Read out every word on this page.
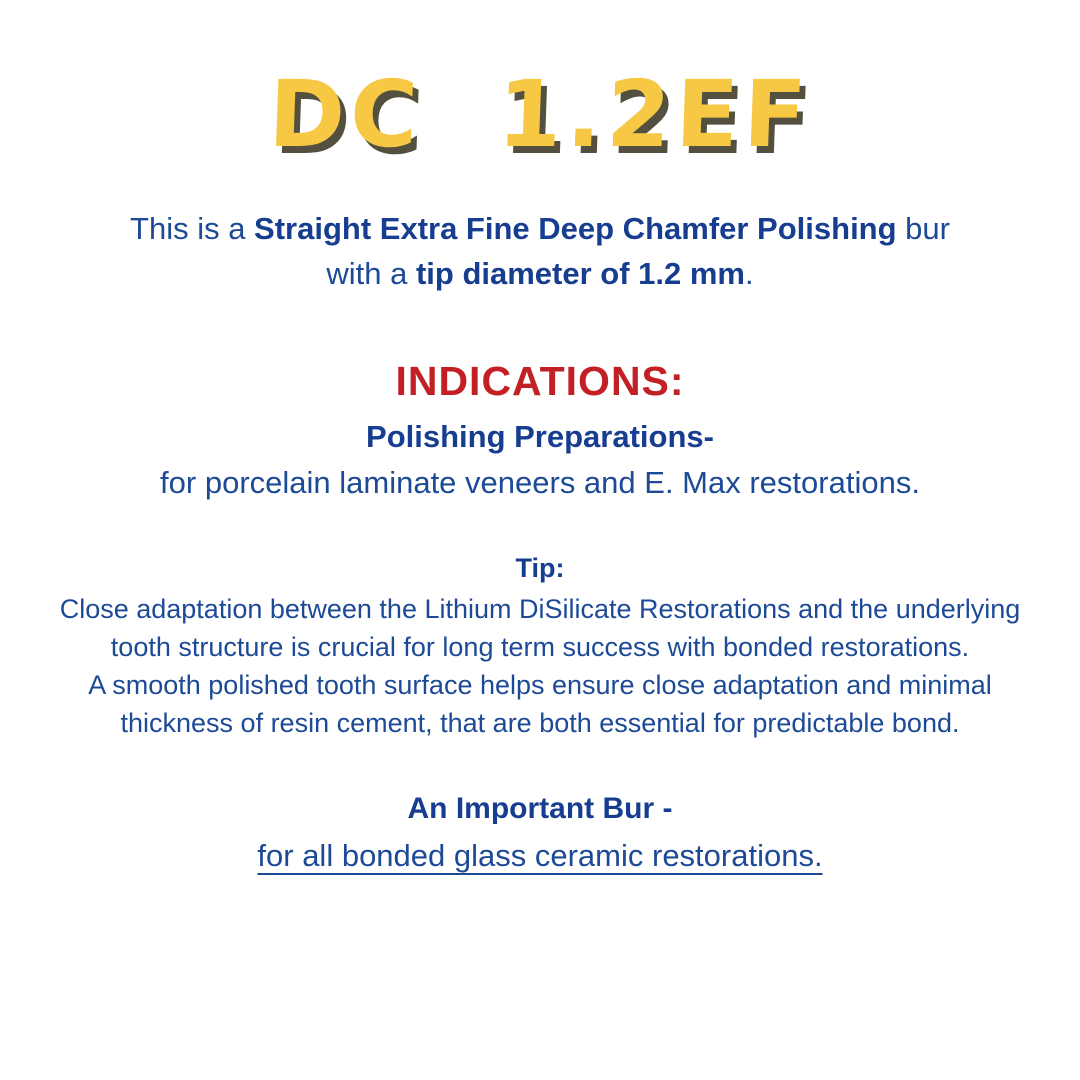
DC 1.2EF

This is a Straight Extra Fine Deep Chamfer Polishing bur
with a tip diameter of 1.2 mm.

INDICATIONS:
Polishing Preparations-
for porcelain laminate veneers and E. Max restorations.
Tip:
Close adaptation between the Lithium DiSilicate Restorations and the underlying
tooth structure is crucial for long term success with bonded restorations.
A smooth polished tooth surface helps ensure close adaptation and minimal
thickness of resin cement, that are both essential for predictable bond.
An Important Bur -
for all bonded glass ceramic restorations.
